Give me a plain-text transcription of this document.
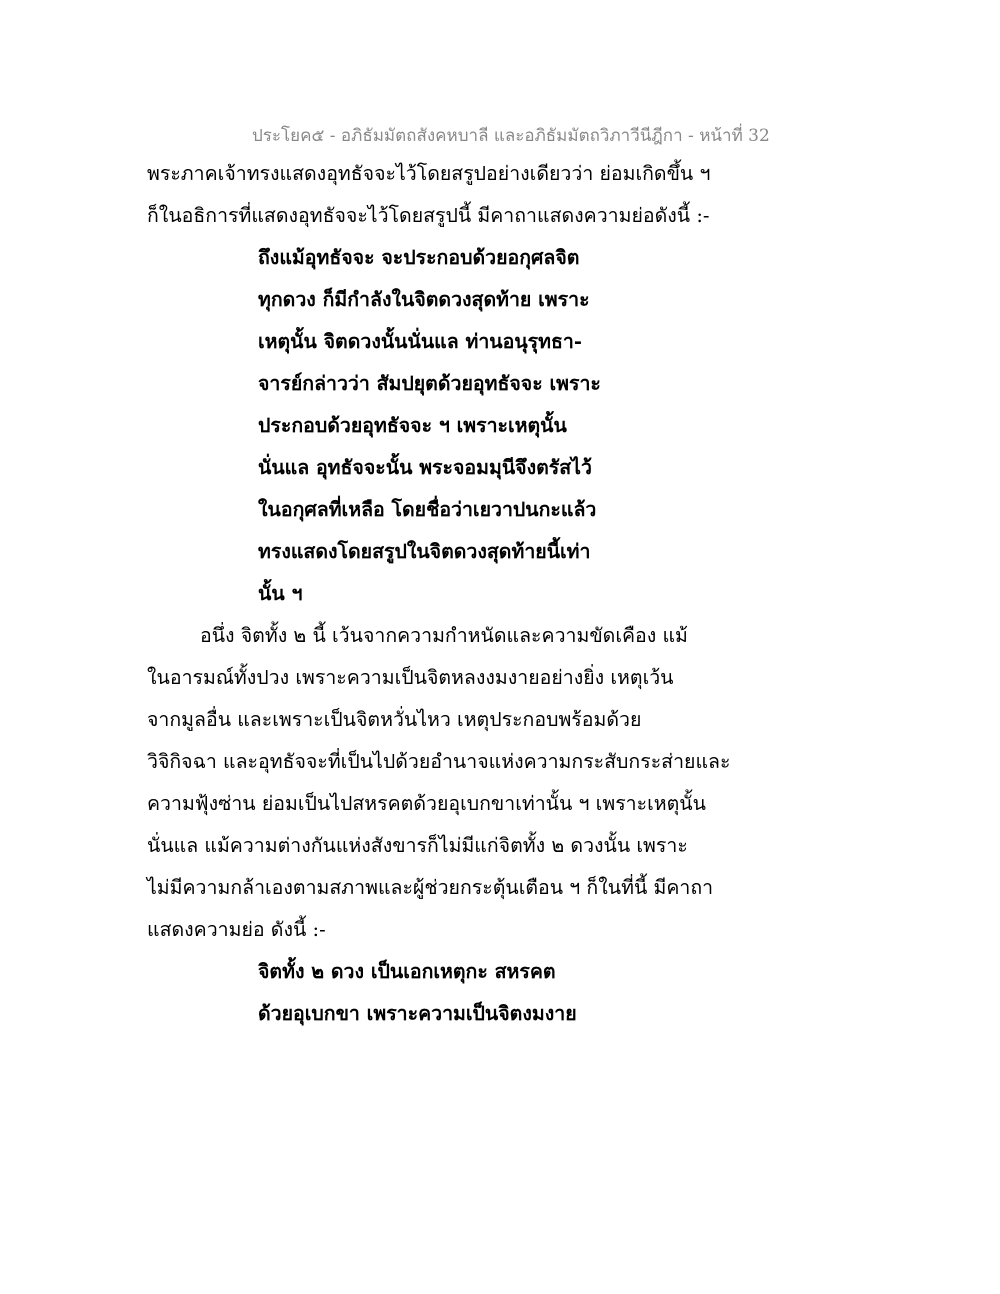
ประโยค๕ - อภิธัมมัตถสังคหบาลี และอภิธัมมัตถวิภาวีนีฎีกา - หน้าที่ 32
พระภาคเจ้าทรงแสดงอุทธัจจะไว้โดยสรูปอย่างเดียวว่า ย่อมเกิดขึ้น ฯ
ก็ในอธิการที่แสดงอุทธัจจะไว้โดยสรูปนี้ มีคาถาแสดงความย่อดังนี้ :-
ถึงแม้อุทธัจจะ จะประกอบด้วยอกุศลจิต
ทุกดวง ก็มีกำลังในจิตดวงสุดท้าย เพราะ
เหตุนั้น จิตดวงนั้นนั่นแล ท่านอนุรุทธา-
จารย์กล่าวว่า สัมปยุตด้วยอุทธัจจะ เพราะ
ประกอบด้วยอุทธัจจะ ฯ เพราะเหตุนั้น
นั่นแล อุทธัจจะนั้น พระจอมมุนีจึงตรัสไว้
ในอกุศลที่เหลือ โดยชื่อว่าเยวาปนกะแล้ว
ทรงแสดงโดยสรูปในจิตดวงสุดท้ายนี้เท่า
นั้น ฯ
อนึ่ง จิตทั้ง ๒ นี้ เว้นจากความกำหนัดและความขัดเคือง แม้
ในอารมณ์ทั้งปวง เพราะความเป็นจิตหลงงมงายอย่างยิ่ง เหตุเว้น
จากมูลอื่น และเพราะเป็นจิตหวั่นไหว เหตุประกอบพร้อมด้วย
วิจิกิจฉา และอุทธัจจะที่เป็นไปด้วยอำนาจแห่งความกระสับกระส่ายและ
ความฟุ้งซ่าน ย่อมเป็นไปสหรคตด้วยอุเบกขาเท่านั้น ฯ เพราะเหตุนั้น
นั่นแล แม้ความต่างกันแห่งสังขารก็ไม่มีแก่จิตทั้ง ๒ ดวงนั้น เพราะ
ไม่มีความกล้าเองตามสภาพและผู้ช่วยกระตุ้นเตือน ฯ ก็ในที่นี้ มีคาถา
แสดงความย่อ ดังนี้ :-
จิตทั้ง ๒ ดวง เป็นเอกเหตุกะ สหรคต
ด้วยอุเบกขา เพราะความเป็นจิตงมงาย
